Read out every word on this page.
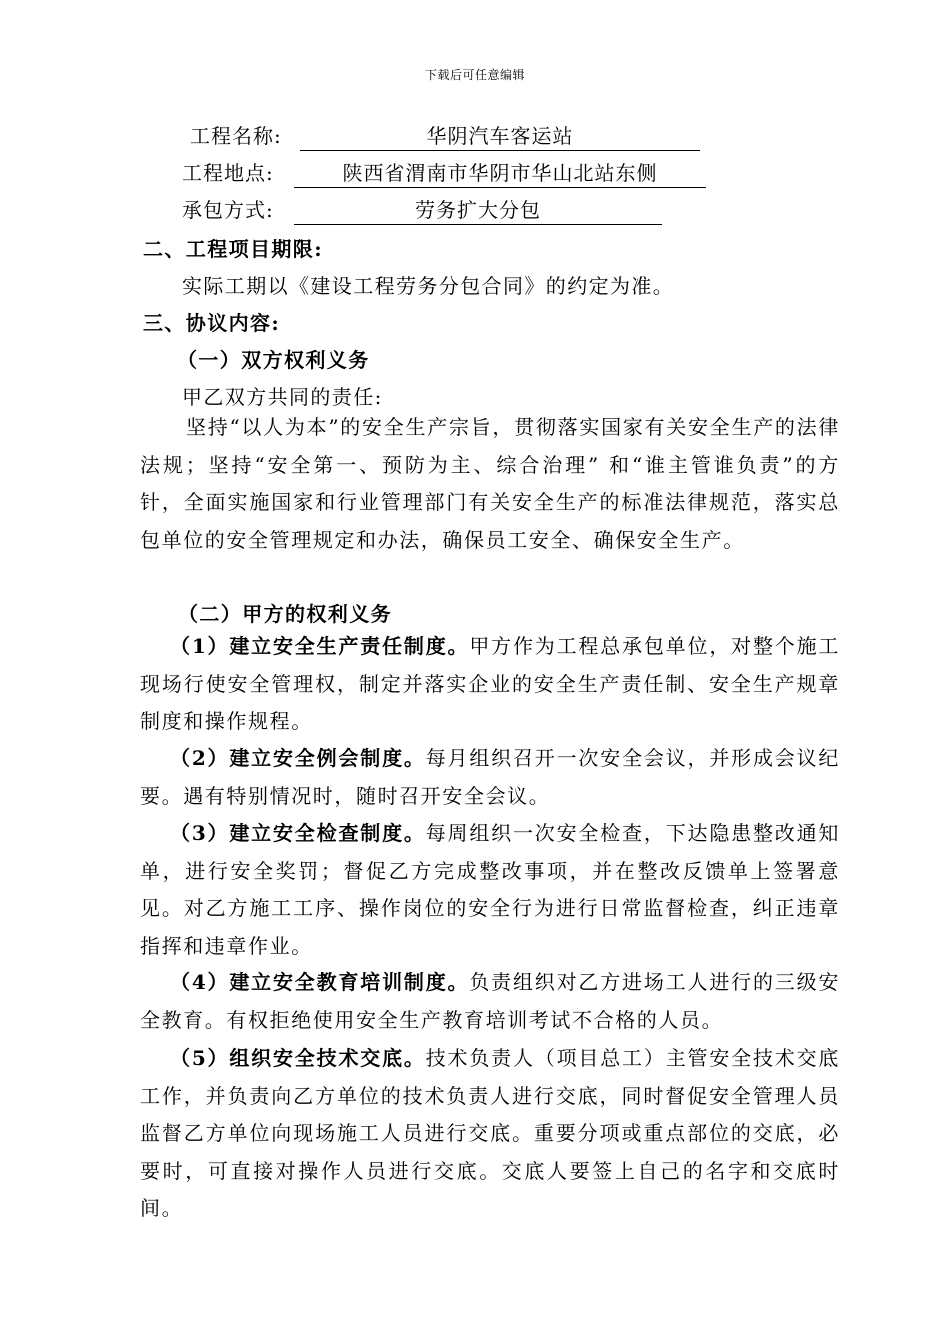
下载后可任意编辑
工程名称:	华阴汽车客运站
工程地点:	陕西省渭南市华阴市华山北站东侧
承包方式:	劳务扩大分包
二、工程项目期限:
实际工期以《建设工程劳务分包合同》的约定为准。
三、协议内容:
（一）双方权利义务
甲乙双方共同的责任:
坚持“以人为本”的安全生产宗旨，贯彻落实国家有关安全生产的法律法规；坚持“安全第一、预防为主、综合治理” 和“谁主管谁负责”的方针，全面实施国家和行业管理部门有关安全生产的标准法律规范，落实总包单位的安全管理规定和办法，确保员工安全、确保安全生产。
（二）甲方的权利义务
（1）建立安全生产责任制度。甲方作为工程总承包单位，对整个施工现场行使安全管理权，制定并落实企业的安全生产责任制、安全生产规章制度和操作规程。
（2）建立安全例会制度。每月组织召开一次安全会议，并形成会议纪要。遇有特别情况时，随时召开安全会议。
（3）建立安全检查制度。每周组织一次安全检查，下达隐患整改通知单，进行安全奖罚；督促乙方完成整改事项，并在整改反馈单上签署意见。对乙方施工工序、操作岗位的安全行为进行日常监督检查，纠正违章指挥和违章作业。
（4）建立安全教育培训制度。负责组织对乙方进场工人进行的三级安全教育。有权拒绝使用安全生产教育培训考试不合格的人员。
（5）组织安全技术交底。技术负责人（项目总工）主管安全技术交底工作，并负责向乙方单位的技术负责人进行交底，同时督促安全管理人员监督乙方单位向现场施工人员进行交底。重要分项或重点部位的交底，必要时，可直接对操作人员进行交底。交底人要签上自己的名字和交底时间。
